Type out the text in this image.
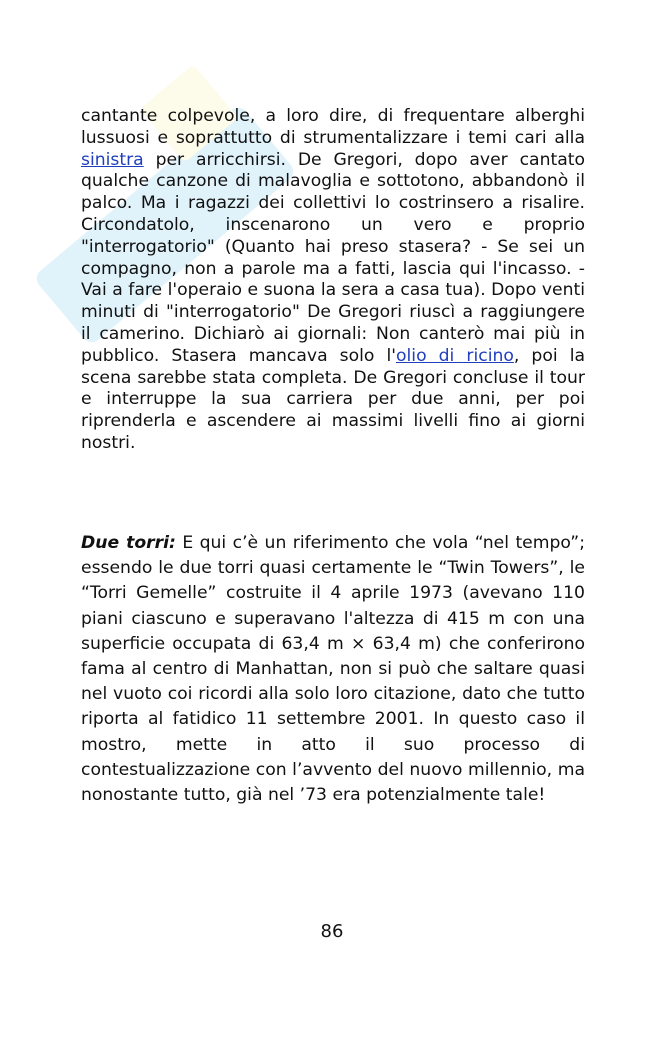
cantante colpevole, a loro dire, di frequentare alberghi lussuosi e soprattutto di strumentalizzare i temi cari alla sinistra per arricchirsi. De Gregori, dopo aver cantato qualche canzone di malavoglia e sottotono, abbandonò il palco. Ma i ragazzi dei collettivi lo costrinsero a risalire. Circondatolo, inscenarono un vero e proprio "interrogatorio" (Quanto hai preso stasera? - Se sei un compagno, non a parole ma a fatti, lascia qui l'incasso. - Vai a fare l'operaio e suona la sera a casa tua). Dopo venti minuti di "interrogatorio" De Gregori riuscì a raggiungere il camerino. Dichiarò ai giornali: Non canterò mai più in pubblico. Stasera mancava solo l'olio di ricino, poi la scena sarebbe stata completa. De Gregori concluse il tour e interruppe la sua carriera per due anni, per poi riprenderla e ascendere ai massimi livelli fino ai giorni nostri.

Due torri: E qui c’è un riferimento che vola “nel tempo”; essendo le due torri quasi certamente le “Twin Towers”, le “Torri Gemelle” costruite il 4 aprile 1973 (avevano 110 piani ciascuno e superavano l'altezza di 415 m con una superficie occupata di 63,4 m × 63,4 m) che conferirono fama al centro di Manhattan, non si può che saltare quasi nel vuoto coi ricordi alla solo loro citazione, dato che tutto riporta al fatidico 11 settembre 2001. In questo caso il mostro, mette in atto il suo processo di contestualizzazione con l’avvento del nuovo millennio, ma nonostante tutto, già nel ’73 era potenzialmente tale!

86
